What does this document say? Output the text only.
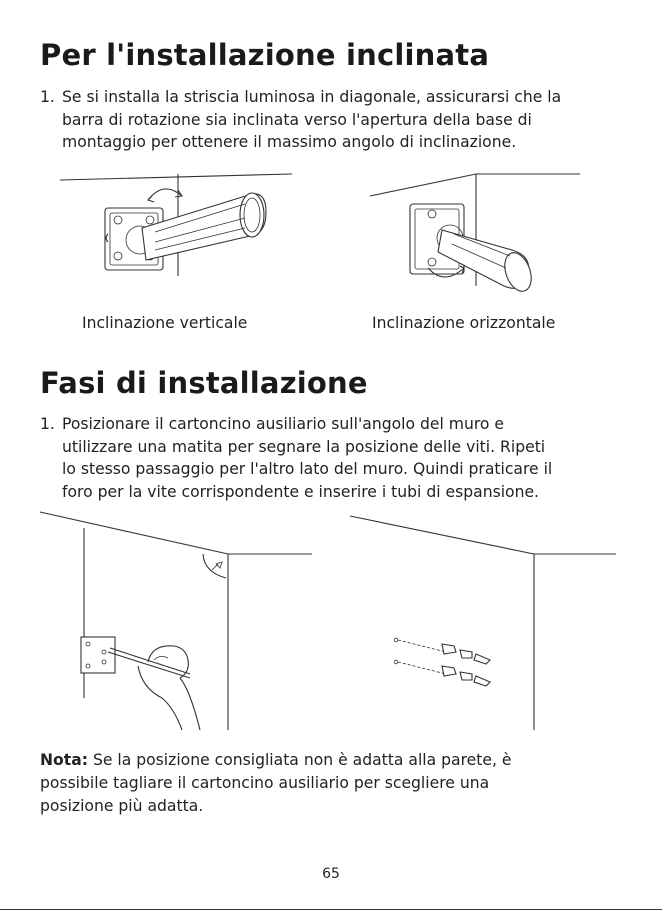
Per l'installazione inclinata
1. Se si installa la striscia luminosa in diagonale, assicurarsi che la
barra di rotazione sia inclinata verso l'apertura della base di
montaggio per ottenere il massimo angolo di inclinazione.
Inclinazione verticale	Inclinazione orizzontale
Fasi di installazione
1. Posizionare il cartoncino ausiliario sull'angolo del muro e
utilizzare una matita per segnare la posizione delle viti. Ripeti
lo stesso passaggio per l'altro lato del muro. Quindi praticare il
foro per la vite corrispondente e inserire i tubi di espansione.
Nota: Se la posizione consigliata non è adatta alla parete, è
possibile tagliare il cartoncino ausiliario per scegliere una
posizione più adatta.
65
